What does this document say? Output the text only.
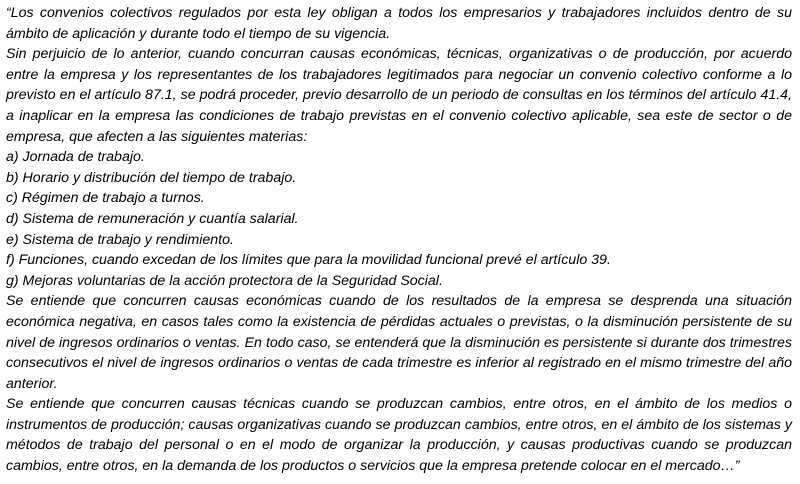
“Los convenios colectivos regulados por esta ley obligan a todos los empresarios y trabajadores incluidos dentro de su ámbito de aplicación y durante todo el tiempo de su vigencia.

Sin perjuicio de lo anterior, cuando concurran causas económicas, técnicas, organizativas o de producción, por acuerdo entre la empresa y los representantes de los trabajadores legitimados para negociar un convenio colectivo conforme a lo previsto en el artículo 87.1, se podrá proceder, previo desarrollo de un periodo de consultas en los términos del artículo 41.4, a inaplicar en la empresa las condiciones de trabajo previstas en el convenio colectivo aplicable, sea este de sector o de empresa, que afecten a las siguientes materias:

a) Jornada de trabajo.
b) Horario y distribución del tiempo de trabajo.
c) Régimen de trabajo a turnos.
d) Sistema de remuneración y cuantía salarial.
e) Sistema de trabajo y rendimiento.
f) Funciones, cuando excedan de los límites que para la movilidad funcional prevé el artículo 39.
g) Mejoras voluntarias de la acción protectora de la Seguridad Social.

Se entiende que concurren causas económicas cuando de los resultados de la empresa se desprenda una situación económica negativa, en casos tales como la existencia de pérdidas actuales o previstas, o la disminución persistente de su nivel de ingresos ordinarios o ventas. En todo caso, se entenderá que la disminución es persistente si durante dos trimestres consecutivos el nivel de ingresos ordinarios o ventas de cada trimestre es inferior al registrado en el mismo trimestre del año anterior.

Se entiende que concurren causas técnicas cuando se produzcan cambios, entre otros, en el ámbito de los medios o instrumentos de producción; causas organizativas cuando se produzcan cambios, entre otros, en el ámbito de los sistemas y métodos de trabajo del personal o en el modo de organizar la producción, y causas productivas cuando se produzcan cambios, entre otros, en la demanda de los productos o servicios que la empresa pretende colocar en el mercado…”
